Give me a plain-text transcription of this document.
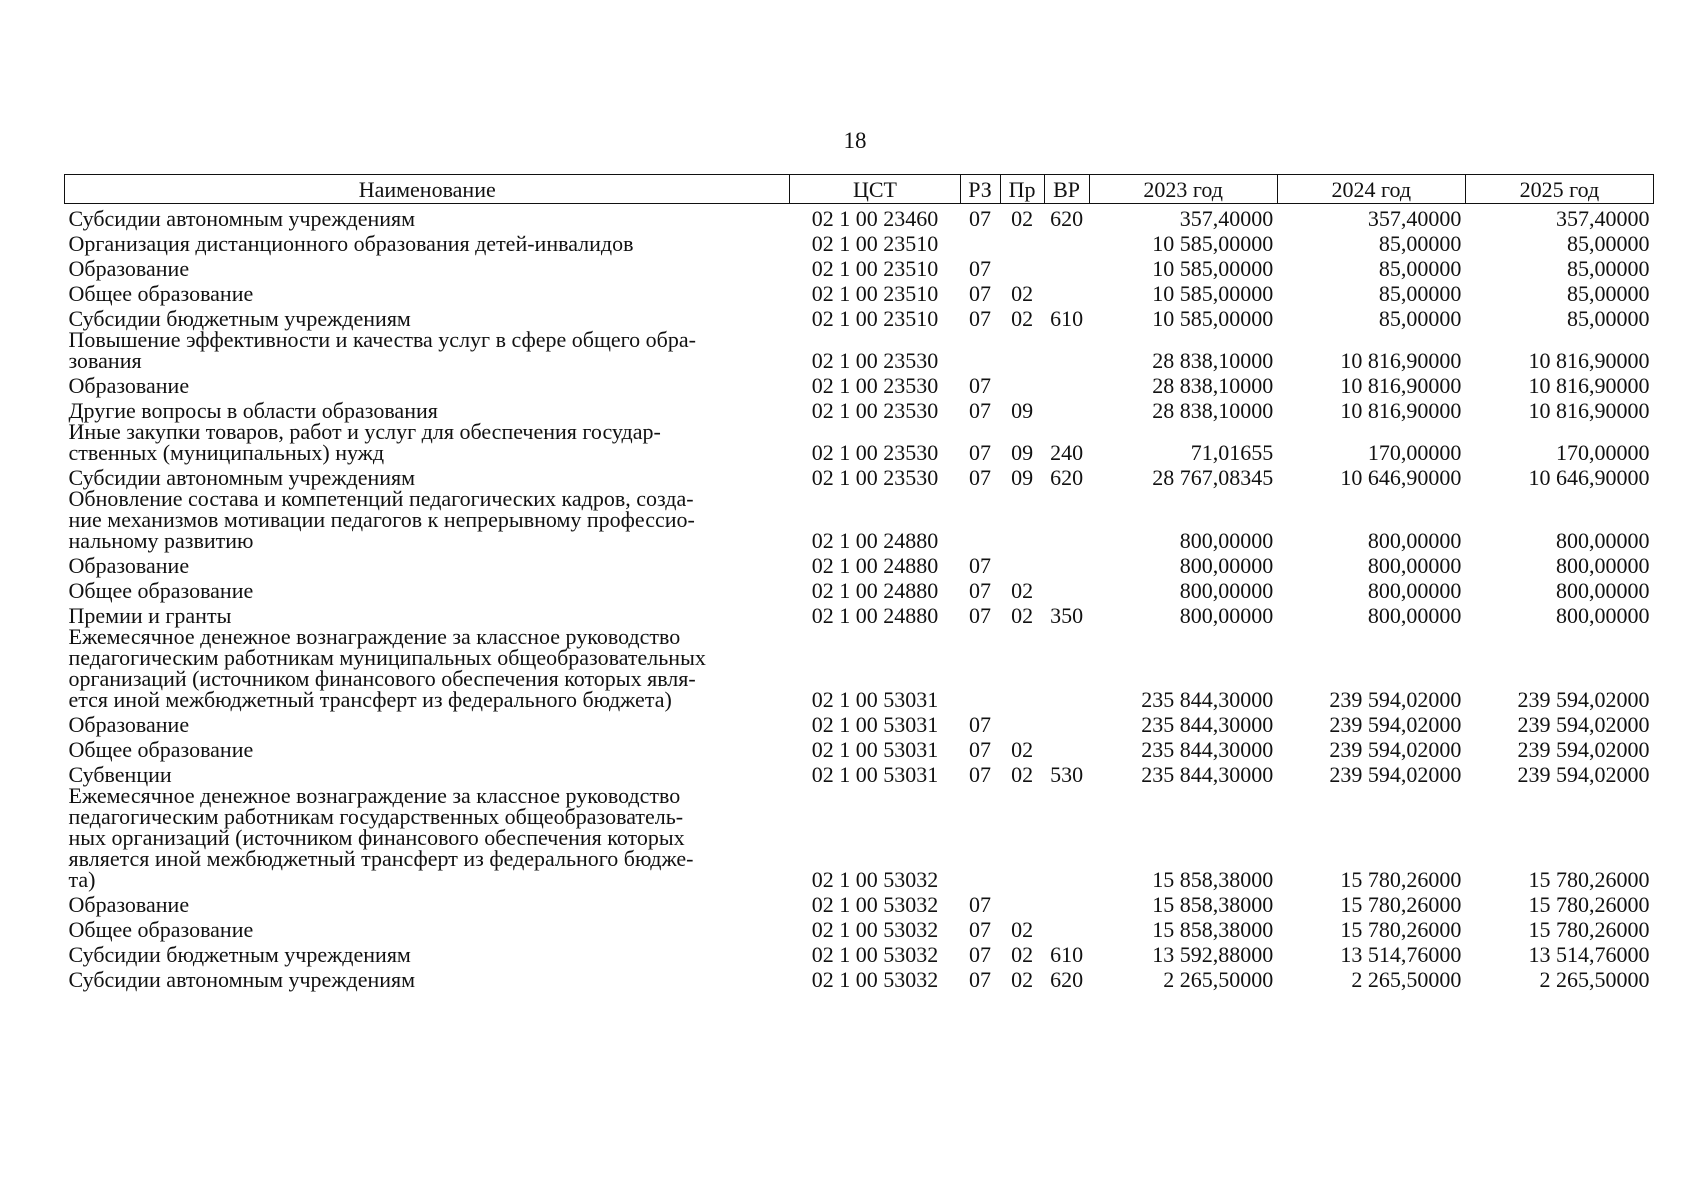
18
Наименование	ЦСТ	РЗ	Пр	ВР	2023 год	2024 год	2025 год
Субсидии автономным учреждениям	02 1 00 23460	07	02	620	357,40000	357,40000	357,40000
Организация дистанционного образования детей-инвалидов	02 1 00 23510				10 585,00000	85,00000	85,00000
Образование	02 1 00 23510	07			10 585,00000	85,00000	85,00000
Общее образование	02 1 00 23510	07	02		10 585,00000	85,00000	85,00000
Субсидии бюджетным учреждениям	02 1 00 23510	07	02	610	10 585,00000	85,00000	85,00000
Повышение эффективности и качества услуг в сфере общего обра-
зования	02 1 00 23530				28 838,10000	10 816,90000	10 816,90000
Образование	02 1 00 23530	07			28 838,10000	10 816,90000	10 816,90000
Другие вопросы в области образования	02 1 00 23530	07	09		28 838,10000	10 816,90000	10 816,90000
Иные закупки товаров, работ и услуг для обеспечения государ-
ственных (муниципальных) нужд	02 1 00 23530	07	09	240	71,01655	170,00000	170,00000
Субсидии автономным учреждениям	02 1 00 23530	07	09	620	28 767,08345	10 646,90000	10 646,90000
Обновление состава и компетенций педагогических кадров, созда-
ние механизмов мотивации педагогов к непрерывному профессио-
нальному развитию	02 1 00 24880				800,00000	800,00000	800,00000
Образование	02 1 00 24880	07			800,00000	800,00000	800,00000
Общее образование	02 1 00 24880	07	02		800,00000	800,00000	800,00000
Премии и гранты	02 1 00 24880	07	02	350	800,00000	800,00000	800,00000
Ежемесячное денежное вознаграждение за классное руководство
педагогическим работникам муниципальных общеобразовательных
организаций (источником финансового обеспечения которых явля-
ется иной межбюджетный трансферт из федерального бюджета)	02 1 00 53031				235 844,30000	239 594,02000	239 594,02000
Образование	02 1 00 53031	07			235 844,30000	239 594,02000	239 594,02000
Общее образование	02 1 00 53031	07	02		235 844,30000	239 594,02000	239 594,02000
Субвенции	02 1 00 53031	07	02	530	235 844,30000	239 594,02000	239 594,02000
Ежемесячное денежное вознаграждение за классное руководство
педагогическим работникам государственных общеобразователь-
ных организаций (источником финансового обеспечения которых
является иной межбюджетный трансферт из федерального бюдже-
та)	02 1 00 53032				15 858,38000	15 780,26000	15 780,26000
Образование	02 1 00 53032	07			15 858,38000	15 780,26000	15 780,26000
Общее образование	02 1 00 53032	07	02		15 858,38000	15 780,26000	15 780,26000
Субсидии бюджетным учреждениям	02 1 00 53032	07	02	610	13 592,88000	13 514,76000	13 514,76000
Субсидии автономным учреждениям	02 1 00 53032	07	02	620	2 265,50000	2 265,50000	2 265,50000
